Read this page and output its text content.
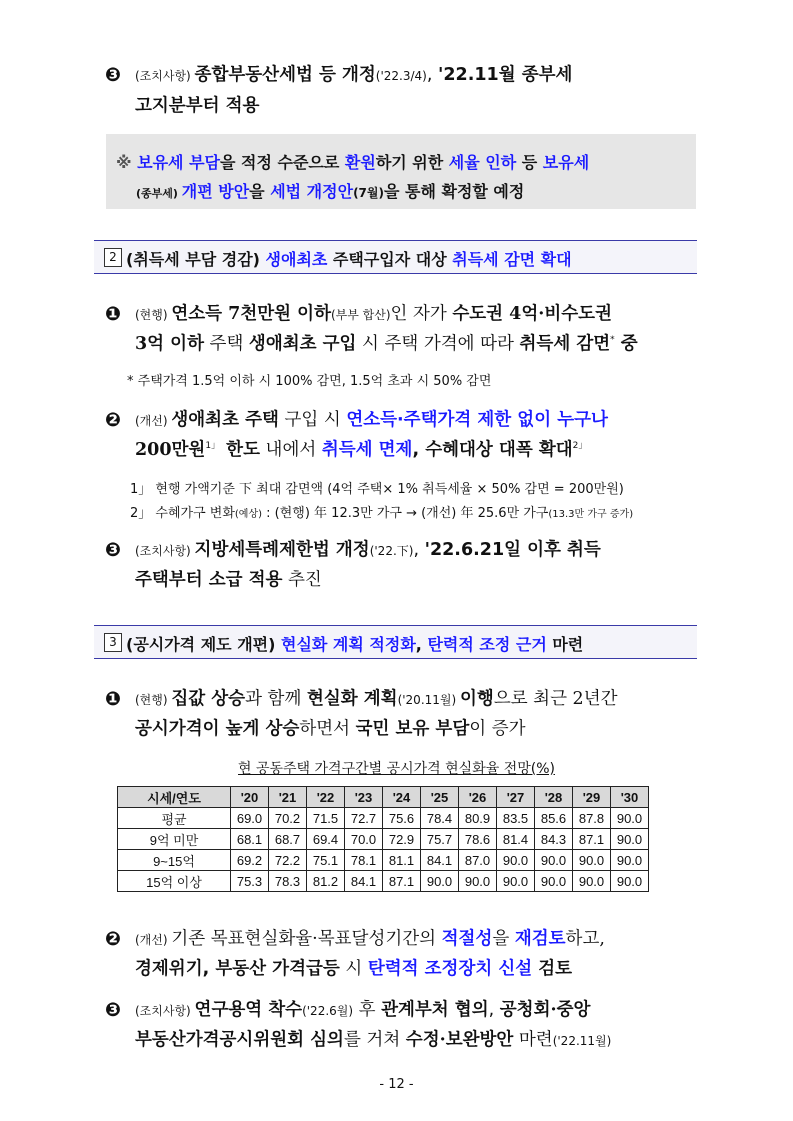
❸ (조치사항) 종합부동산세법 등 개정('22.3/4), '22.11월 종부세
고지분부터 적용
※ 보유세 부담을 적정 수준으로 환원하기 위한 세율 인하 등 보유세
(종부세) 개편 방안을 세법 개정안(7월)을 통해 확정할 예정
2 (취득세 부담 경감) 생애최초 주택구입자 대상 취득세 감면 확대
❶ (현행) 연소득 7천만원 이하(부부 합산)인 자가 수도권 4억·비수도권
3억 이하 주택 생애최초 구입 시 주택 가격에 따라 취득세 감면* 중
* 주택가격 1.5억 이하 시 100% 감면, 1.5억 초과 시 50% 감면
❷ (개선) 생애최초 주택 구입 시 연소득·주택가격 제한 없이 누구나
200만원$^{1」}$ 한도 내에서 취득세 면제, 수혜대상 대폭 확대$^{2」}$
1」 현행 가액기준 下 최대 감면액 (4억 주택× 1% 취득세율 × 50% 감면 = 200만원)
2」 수혜가구 변화(예상) : (현행) 年 12.3만 가구 → (개선) 年 25.6만 가구(13.3만 가구 증가)
❸ (조치사항) 지방세특례제한법 개정('22.下), '22.6.21일 이후 취득
주택부터 소급 적용 추진
3 (공시가격 제도 개편) 현실화 계획 적정화, 탄력적 조정 근거 마련
❶ (현행) 집값 상승과 함께 현실화 계획('20.11월) 이행으로 최근 2년간
공시가격이 높게 상승하면서 국민 보유 부담이 증가
현 공동주택 가격구간별 공시가격 현실화율 전망(%)
시세/연도	'20	'21	'22	'23	'24	'25	'26	'27	'28	'29	'30
평균	69.0	70.2	71.5	72.7	75.6	78.4	80.9	83.5	85.6	87.8	90.0
9억 미만	68.1	68.7	69.4	70.0	72.9	75.7	78.6	81.4	84.3	87.1	90.0
9~15억	69.2	72.2	75.1	78.1	81.1	84.1	87.0	90.0	90.0	90.0	90.0
15억 이상	75.3	78.3	81.2	84.1	87.1	90.0	90.0	90.0	90.0	90.0	90.0
❷ (개선) 기존 목표현실화율·목표달성기간의 적절성을 재검토하고,
경제위기, 부동산 가격급등 시 탄력적 조정장치 신설 검토
❸ (조치사항) 연구용역 착수('22.6월) 후 관계부처 협의, 공청회·중앙
부동산가격공시위원회 심의를 거쳐 수정·보완방안 마련('22.11월)
- 12 -
